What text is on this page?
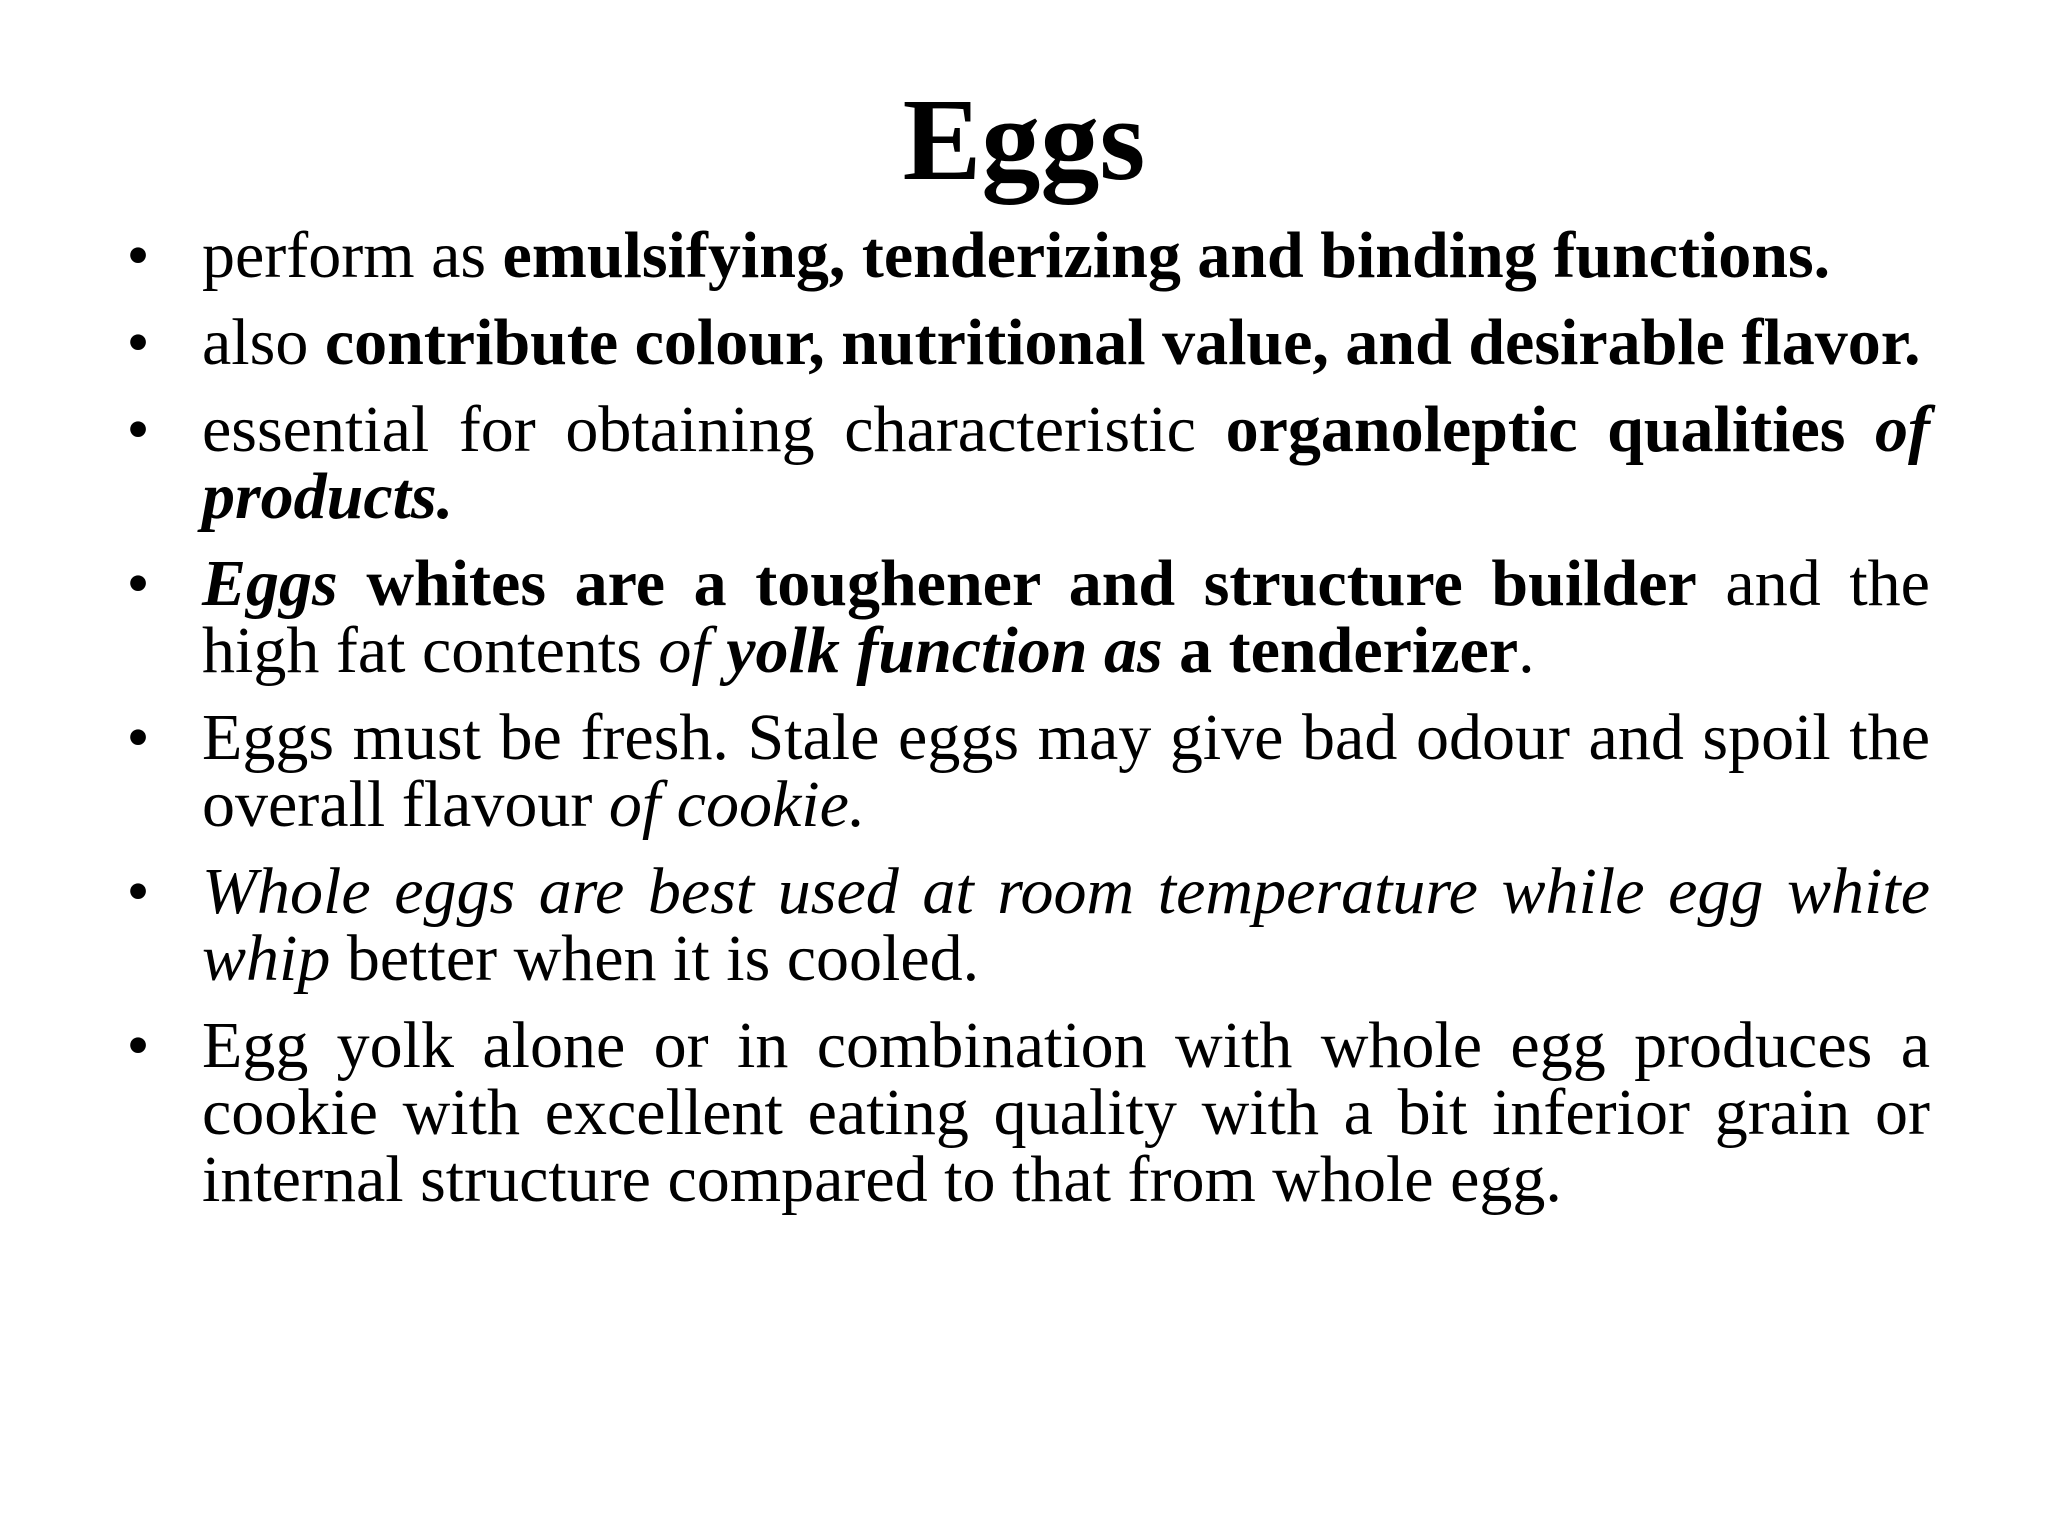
Eggs
• perform as emulsifying, tenderizing and binding functions.
• also contribute colour, nutritional value, and desirable flavor.
• essential for obtaining characteristic organoleptic qualities of products.
• Eggs whites are a toughener and structure builder and the high fat contents of yolk function as a tenderizer.
• Eggs must be fresh. Stale eggs may give bad odour and spoil the overall flavour of cookie.
• Whole eggs are best used at room temperature while egg white whip better when it is cooled.
• Egg yolk alone or in combination with whole egg produces a cookie with excellent eating quality with a bit inferior grain or internal structure compared to that from whole egg.
